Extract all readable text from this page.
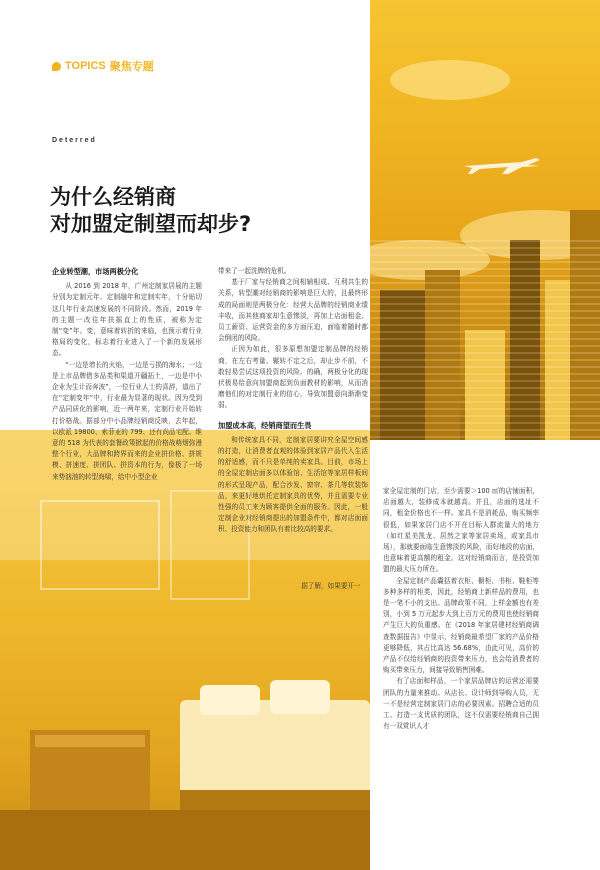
TOPICS 聚焦专题
Deterred
为什么经销商
对加盟定制望而却步?
企业转型潮，市场两极分化

从 2016 到 2018 年，广州定制家居展的主题分别为定制元年、定制融年和定制实年，十分贴切这几年行业高速发展的不同阶段。然而，2019 年的主题一改往年扶摇直上的性质，被称为定制“变”年。变，意味着转折的来临，也预示着行业格局的变化，标志着行业进入了一个新的发展形态。

“一边是增长的火焰，一边是亏损的海水；一边是上市品牌借多品类和渠道开疆拓土，一边是中小企业为生计而奔波”，一位行业人士的喜辞，道出了在“定制变年”中，行业最为显著的现状。因为受到产品同质化的影响，近一两年来，定制行业开始转打价格战。据部分中小品牌经销商反映，去年起，以欧派 19800、索菲亚的 799、还有尚品宅配、维意的 518 为代表的套餐政策掀起的价格战萌烟弥漫整个行业，大品牌和跨界而来的企业拼价格、拼规模、拼速度、拼团队、拼资本的行为，像极了一场来势汹汹的转型海啸，给中小型企业

带来了一起洗牌的危机。

基于厂家与经销商之间相辅相成、互利共生的关系，转型潮对经销商的影响是巨大的，且最终形成的局面则是两极分化：经营大品牌的经销商业绩丰收，而其他商家却生意惨淡，再加上店面租金、员工薪资、运营资金的多方面压迫，面临着随时都会倒闭的风险。

正因为如此，很多原想加盟定制品牌的经销商，在左右考量、辗转不定之后，却止步不前，不敢轻易尝试这项投资的风险。的确，两极分化的现状极易给意向加盟商起到负面教材的影响，从而消磨他们的对定制行业的信心，导致加盟意向渐渐变弱。

加盟成本高，经销商望而生畏

和传统家具不同，定制家居要讲究全屋空间感的打造，让消费者直观的体验到家居产品代入生活的舒适感，而不只是单纯的卖家具。目前，市场上的全屋定制店面多以体验馆、生活馆等家居样板间的形式呈现产品，配合沙发、窗帘、茶几等软装饰品，来更好地烘托定制家具的优势，并且需要专业性强的员工来为顾客提供全面的服务。因此，一般定制企业对经销商提出的加盟条件中，都对店面面积、投资能力和团队有着比较高的要求。

据了解，如果要开一

家全屋定制的门店，至少需要＞100 ㎡的店铺面积，店面越大，装修成本就越高。并且，店面的选址不同，租金价格也不一样。家具不是消耗品，购买频率很低，如果家居门店不开在目标人群流量大的地方（如红星美凯龙、居然之家等家居卖场，或家具市场），那就要面临生意惨淡的风险，而好地段的店面，也意味着更高额的租金。这对经销商而言，是投资加盟的最大压力所在。

全屋定制产品囊括着衣柜、橱柜、书柜、鞋柜等多种多样的柜类，因此，经销商上新样品的费用，也是一笔不小的支出。品牌政策不同，上样金额也有差别，小到 5 万元起步大到上百万元的费用也使经销商产生巨大的负重感。在《2018 年家居建材经销商调查数据报告》中显示，经销商最希望厂家的产品价格更够降低，其占比高达 56.68%，由此可见，高价的产品不仅给经销商的投资带来压力，也会给消费者的购买带来压力，间接导致销售困难。

有了店面和样品，一个家居品牌店的运营还需要团队的力量来推动。从店长、设计师到导购人员，无一不是经营定制家居门店的必要因素。招聘合适的员工、打造一支优质的团队，这不仅需要经销商自己拥有一双赏识人才
